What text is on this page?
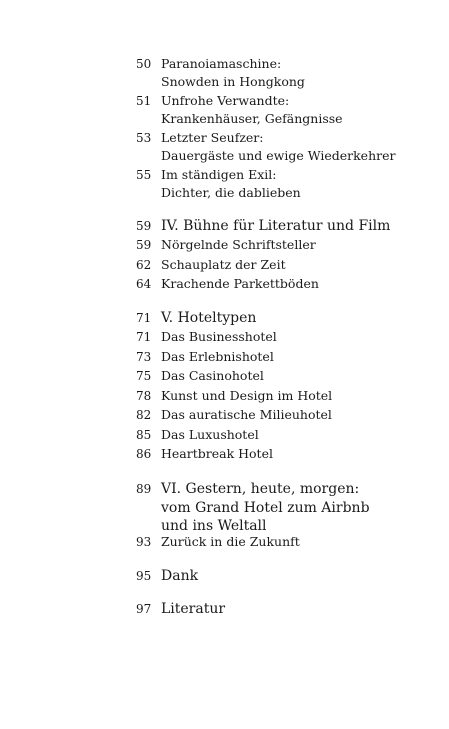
50 Paranoiamaschine:
Snowden in Hongkong
51 Unfrohe Verwandte:
Krankenhäuser, Gefängnisse
53 Letzter Seufzer:
Dauergäste und ewige Wiederkehrer
55 Im ständigen Exil:
Dichter, die dablieben
59 IV. Bühne für Literatur und Film
59 Nörgelnde Schriftsteller
62 Schauplatz der Zeit
64 Krachende Parkettböden
71 V. Hoteltypen
71 Das Businesshotel
73 Das Erlebnishotel
75 Das Casinohotel
78 Kunst und Design im Hotel
82 Das auratische Milieuhotel
85 Das Luxushotel
86 Heartbreak Hotel
89 VI. Gestern, heute, morgen:
vom Grand Hotel zum Airbnb
und ins Weltall
93 Zurück in die Zukunft
95 Dank
97 Literatur
